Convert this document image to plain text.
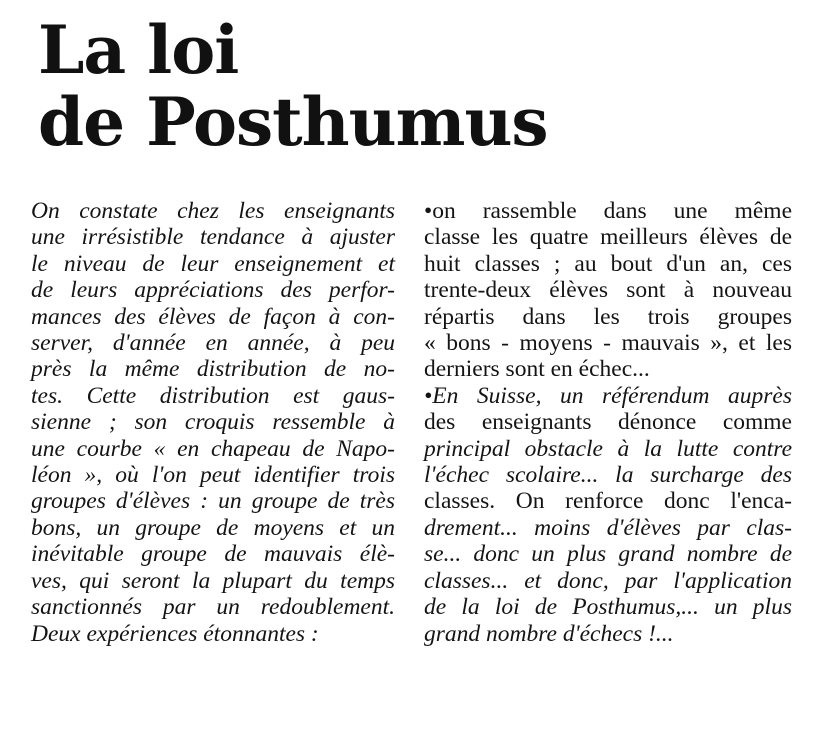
La loi
de Posthumus
On constate chez les enseignants
une irrésistible tendance à ajuster
le niveau de leur enseignement et
de leurs appréciations des perfor-
mances des élèves de façon à con-
server, d'année en année, à peu
près la même distribution de no-
tes. Cette distribution est gaus-
sienne ; son croquis ressemble à
une courbe « en chapeau de Napo-
léon », où l'on peut identifier trois
groupes d'élèves : un groupe de très
bons, un groupe de moyens et un
inévitable groupe de mauvais élè-
ves, qui seront la plupart du temps
sanctionnés par un redoublement.
Deux expériences étonnantes :
•on rassemble dans une même
classe les quatre meilleurs élèves de
huit classes ; au bout d'un an, ces
trente-deux élèves sont à nouveau
répartis dans les trois groupes
« bons - moyens - mauvais », et les
derniers sont en échec...
•En Suisse, un référendum auprès
des enseignants dénonce comme
principal obstacle à la lutte contre
l'échec scolaire... la surcharge des
classes. On renforce donc l'enca-
drement... moins d'élèves par clas-
se... donc un plus grand nombre de
classes... et donc, par l'application
de la loi de Posthumus,... un plus
grand nombre d'échecs !...
